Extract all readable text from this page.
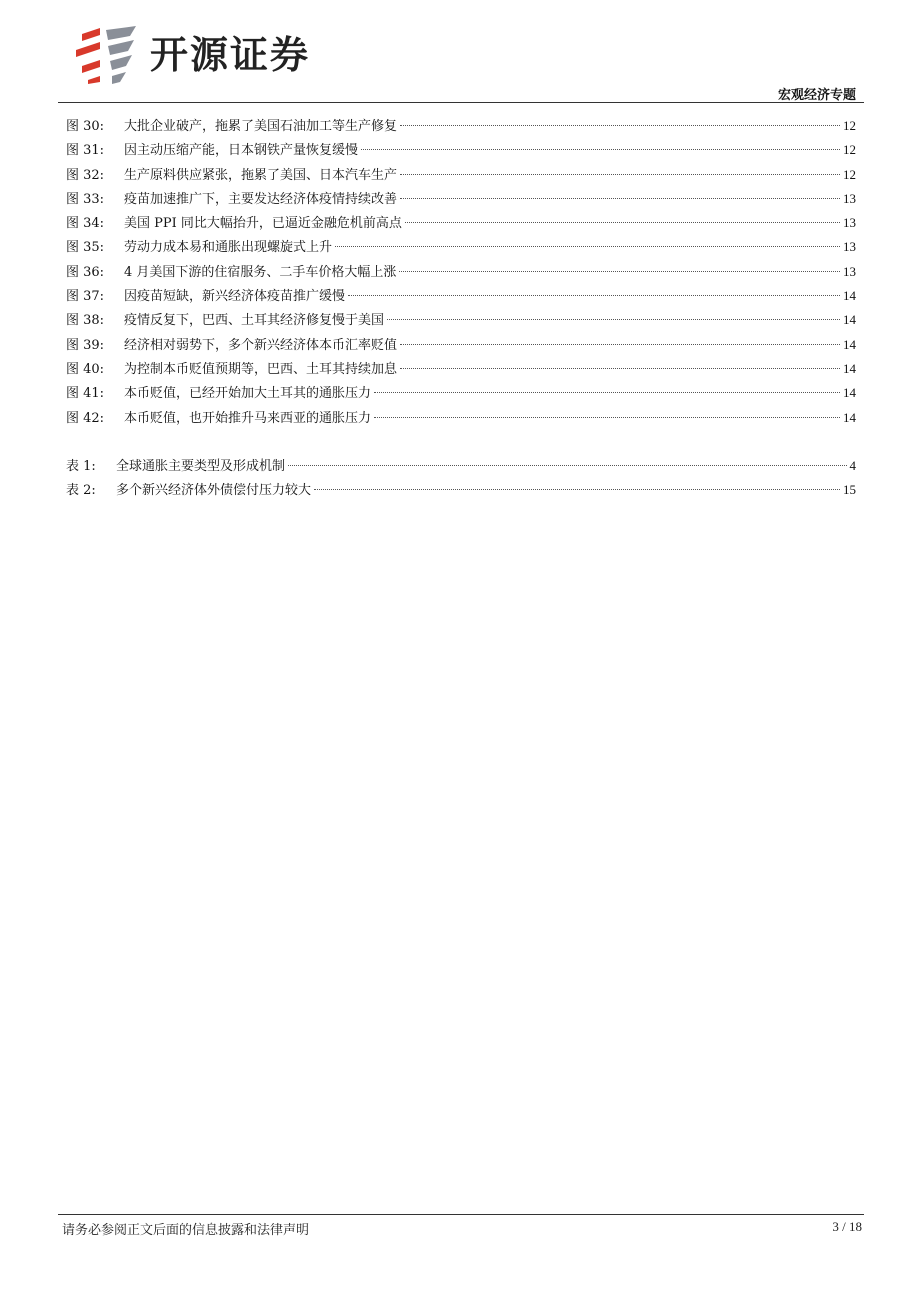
开源证券
宏观经济专题
图 30:	大批企业破产，拖累了美国石油加工等生产修复	12
图 31:	因主动压缩产能，日本钢铁产量恢复缓慢	12
图 32:	生产原料供应紧张，拖累了美国、日本汽车生产	12
图 33:	疫苗加速推广下，主要发达经济体疫情持续改善	13
图 34:	美国 PPI 同比大幅抬升，已逼近金融危机前高点	13
图 35:	劳动力成本易和通胀出现螺旋式上升	13
图 36:	4 月美国下游的住宿服务、二手车价格大幅上涨	13
图 37:	因疫苗短缺，新兴经济体疫苗推广缓慢	14
图 38:	疫情反复下，巴西、土耳其经济修复慢于美国	14
图 39:	经济相对弱势下，多个新兴经济体本币汇率贬值	14
图 40:	为控制本币贬值预期等，巴西、土耳其持续加息	14
图 41:	本币贬值，已经开始加大土耳其的通胀压力	14
图 42:	本币贬值，也开始推升马来西亚的通胀压力	14
表 1:	全球通胀主要类型及形成机制	4
表 2:	多个新兴经济体外债偿付压力较大	15
请务必参阅正文后面的信息披露和法律声明	3 / 18
